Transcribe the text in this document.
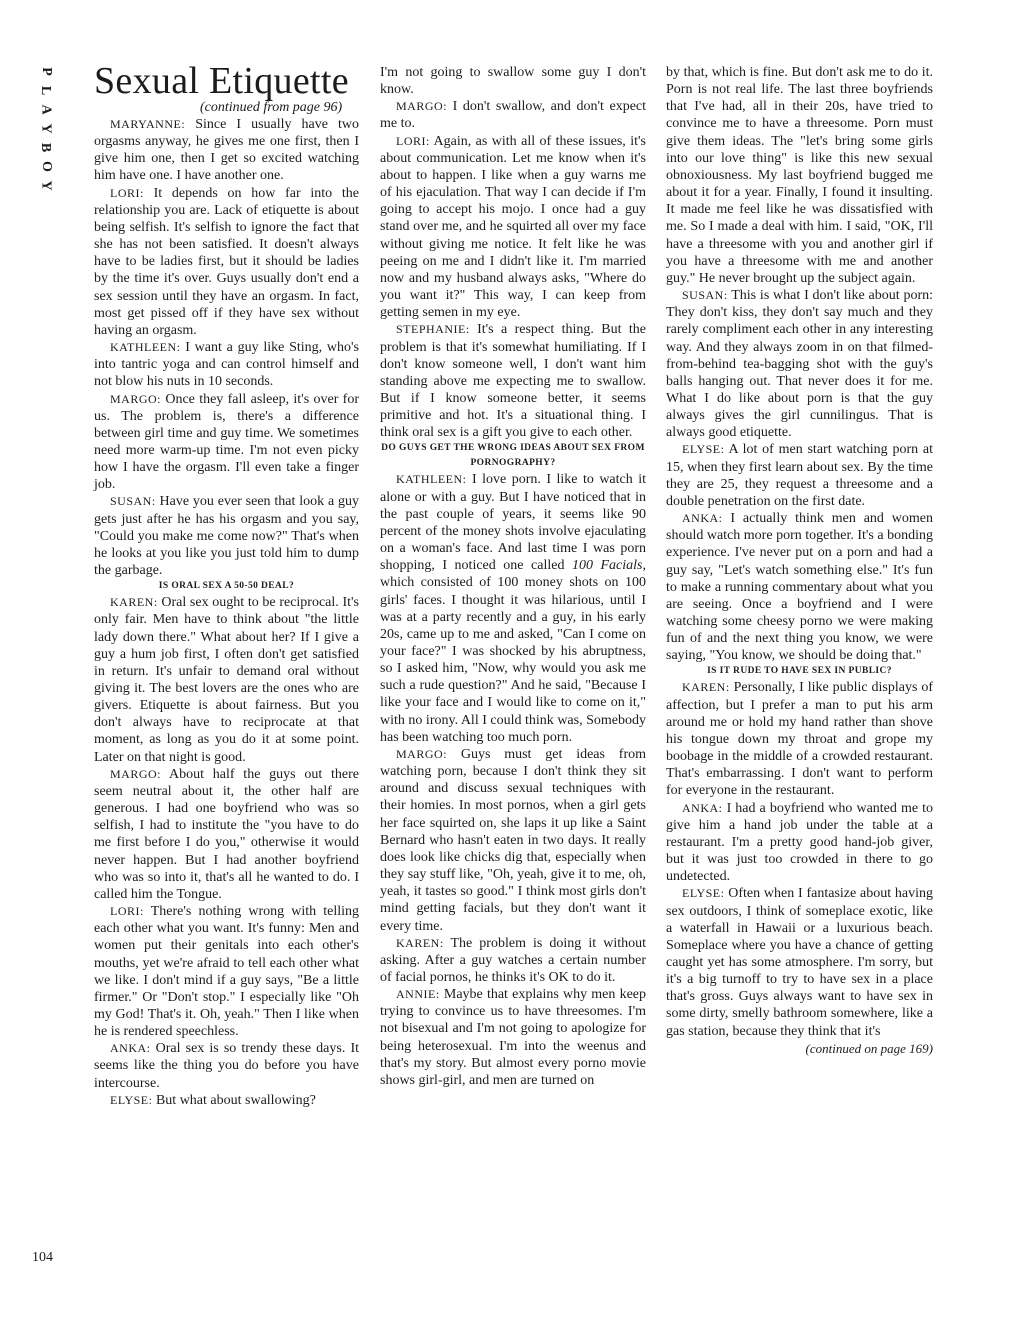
P
L
A
Y
B
O
Y
Sexual Etiquette
(continued from page 96)

MARYANNE: Since I usually have two orgasms anyway, he gives me one first, then I give him one, then I get so excited watching him have one. I have another one.

LORI: It depends on how far into the relationship you are. Lack of etiquette is about being selfish. It's selfish to ignore the fact that she has not been satisfied. It doesn't always have to be ladies first, but it should be ladies by the time it's over. Guys usually don't end a sex session until they have an orgasm. In fact, most get pissed off if they have sex without having an orgasm.

KATHLEEN: I want a guy like Sting, who's into tantric yoga and can control himself and not blow his nuts in 10 seconds.

MARGO: Once they fall asleep, it's over for us. The problem is, there's a difference between girl time and guy time. We sometimes need more warm-up time. I'm not even picky how I have the orgasm. I'll even take a finger job.

SUSAN: Have you ever seen that look a guy gets just after he has his orgasm and you say, "Could you make me come now?" That's when he looks at you like you just told him to dump the garbage.

IS ORAL SEX A 50-50 DEAL?

KAREN: Oral sex ought to be reciprocal. It's only fair. Men have to think about "the little lady down there." What about her? If I give a guy a hum job first, I often don't get satisfied in return. It's unfair to demand oral without giving it. The best lovers are the ones who are givers. Etiquette is about fairness. But you don't always have to reciprocate at that moment, as long as you do it at some point. Later on that night is good.

MARGO: About half the guys out there seem neutral about it, the other half are generous. I had one boyfriend who was so selfish, I had to institute the "you have to do me first before I do you," otherwise it would never happen. But I had another boyfriend who was so into it, that's all he wanted to do. I called him the Tongue.

LORI: There's nothing wrong with telling each other what you want. It's funny: Men and women put their genitals into each other's mouths, yet we're afraid to tell each other what we like. I don't mind if a guy says, "Be a little firmer." Or "Don't stop." I especially like "Oh my God! That's it. Oh, yeah." Then I like when he is rendered speechless.

ANKA: Oral sex is so trendy these days. It seems like the thing you do before you have intercourse.

ELYSE: But what about swallowing?

I'm not going to swallow some guy I don't know.

MARGO: I don't swallow, and don't expect me to.

LORI: Again, as with all of these issues, it's about communication. Let me know when it's about to happen. I like when a guy warns me of his ejaculation. That way I can decide if I'm going to accept his mojo. I once had a guy stand over me, and he squirted all over my face without giving me notice. It felt like he was peeing on me and I didn't like it. I'm married now and my husband always asks, "Where do you want it?" This way, I can keep from getting semen in my eye.

STEPHANIE: It's a respect thing. But the problem is that it's somewhat humiliating. If I don't know someone well, I don't want him standing above me expecting me to swallow. But if I know someone better, it seems primitive and hot. It's a situational thing. I think oral sex is a gift you give to each other.

DO GUYS GET THE WRONG IDEAS ABOUT SEX FROM PORNOGRAPHY?

KATHLEEN: I love porn. I like to watch it alone or with a guy. But I have noticed that in the past couple of years, it seems like 90 percent of the money shots involve ejaculating on a woman's face. And last time I was porn shopping, I noticed one called 100 Facials, which consisted of 100 money shots on 100 girls' faces. I thought it was hilarious, until I was at a party recently and a guy, in his early 20s, came up to me and asked, "Can I come on your face?" I was shocked by his abruptness, so I asked him, "Now, why would you ask me such a rude question?" And he said, "Because I like your face and I would like to come on it," with no irony. All I could think was, Somebody has been watching too much porn.

MARGO: Guys must get ideas from watching porn, because I don't think they sit around and discuss sexual techniques with their homies. In most pornos, when a girl gets her face squirted on, she laps it up like a Saint Bernard who hasn't eaten in two days. It really does look like chicks dig that, especially when they say stuff like, "Oh, yeah, give it to me, oh, yeah, it tastes so good." I think most girls don't mind getting facials, but they don't want it every time.

KAREN: The problem is doing it without asking. After a guy watches a certain number of facial pornos, he thinks it's OK to do it.

ANNIE: Maybe that explains why men keep trying to convince us to have threesomes. I'm not bisexual and I'm not going to apologize for being heterosexual. I'm into the weenus and that's my story. But almost every porno movie shows girl-girl, and men are turned on

by that, which is fine. But don't ask me to do it. Porn is not real life. The last three boyfriends that I've had, all in their 20s, have tried to convince me to have a threesome. Porn must give them ideas. The "let's bring some girls into our love thing" is like this new sexual obnoxiousness. My last boyfriend bugged me about it for a year. Finally, I found it insulting. It made me feel like he was dissatisfied with me. So I made a deal with him. I said, "OK, I'll have a threesome with you and another girl if you have a threesome with me and another guy." He never brought up the subject again.

SUSAN: This is what I don't like about porn: They don't kiss, they don't say much and they rarely compliment each other in any interesting way. And they always zoom in on that filmed-from-behind tea-bagging shot with the guy's balls hanging out. That never does it for me. What I do like about porn is that the guy always gives the girl cunnilingus. That is always good etiquette.

ELYSE: A lot of men start watching porn at 15, when they first learn about sex. By the time they are 25, they request a threesome and a double penetration on the first date.

ANKA: I actually think men and women should watch more porn together. It's a bonding experience. I've never put on a porn and had a guy say, "Let's watch something else." It's fun to make a running commentary about what you are seeing. Once a boyfriend and I were watching some cheesy porno we were making fun of and the next thing you know, we were saying, "You know, we should be doing that."

IS IT RUDE TO HAVE SEX IN PUBLIC?

KAREN: Personally, I like public displays of affection, but I prefer a man to put his arm around me or hold my hand rather than shove his tongue down my throat and grope my boobage in the middle of a crowded restaurant. That's embarrassing. I don't want to perform for everyone in the restaurant.

ANKA: I had a boyfriend who wanted me to give him a hand job under the table at a restaurant. I'm a pretty good hand-job giver, but it was just too crowded in there to go undetected.

ELYSE: Often when I fantasize about having sex outdoors, I think of someplace exotic, like a waterfall in Hawaii or a luxurious beach. Someplace where you have a chance of getting caught yet has some atmosphere. I'm sorry, but it's a big turnoff to try to have sex in a place that's gross. Guys always want to have sex in some dirty, smelly bathroom somewhere, like a gas station, because they think that it's

(continued on page 169)

104
